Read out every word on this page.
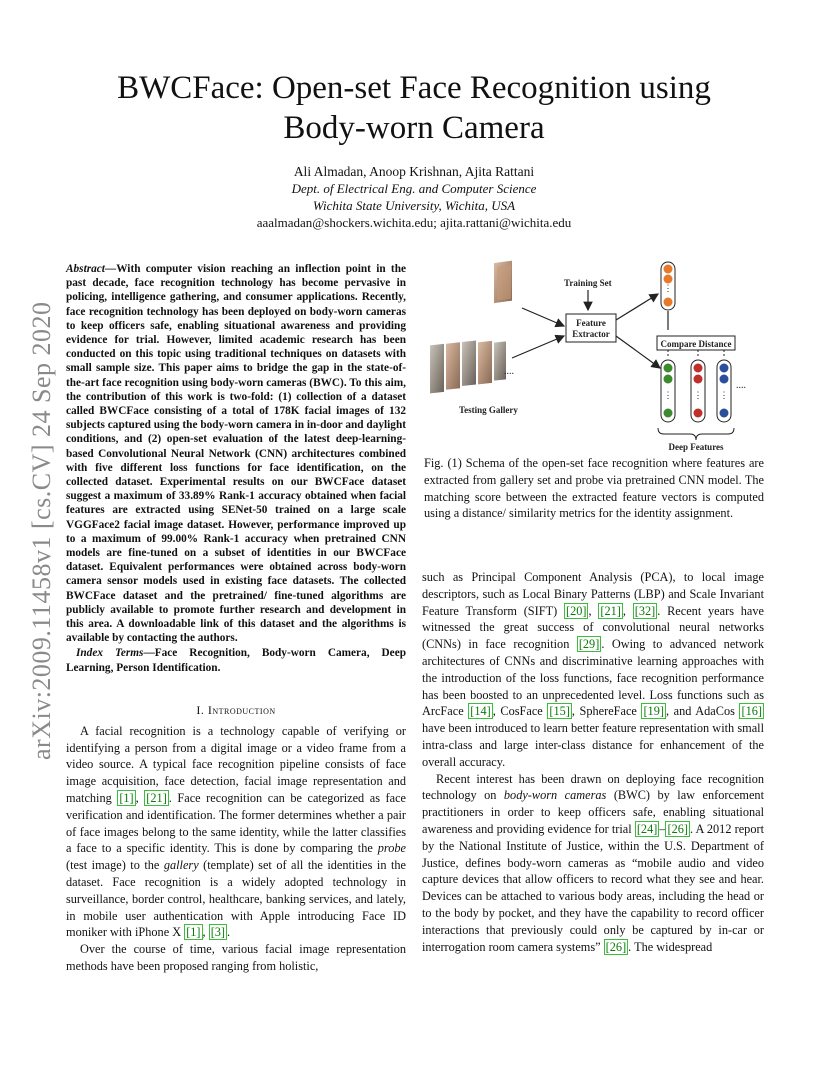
arXiv:2009.11458v1 [cs.CV] 24 Sep 2020
BWCFace: Open-set Face Recognition using
Body-worn Camera
Ali Almadan, Anoop Krishnan, Ajita Rattani
Dept. of Electrical Eng. and Computer Science
Wichita State University, Wichita, USA
aaalmadan@shockers.wichita.edu; ajita.rattani@wichita.edu
Abstract—With computer vision reaching an inflection point in the past decade, face recognition technology has become pervasive in policing, intelligence gathering, and consumer applications. Recently, face recognition technology has been deployed on body-worn cameras to keep officers safe, enabling situational awareness and providing evidence for trial. However, limited academic research has been conducted on this topic using traditional techniques on datasets with small sample size. This paper aims to bridge the gap in the state-of-the-art face recognition using body-worn cameras (BWC). To this aim, the contribution of this work is two-fold: (1) collection of a dataset called BWCFace consisting of a total of 178K facial images of 132 subjects captured using the body-worn camera in in-door and daylight conditions, and (2) open-set evaluation of the latest deep-learning-based Convolutional Neural Network (CNN) architectures combined with five different loss functions for face identification, on the collected dataset. Experimental results on our BWCFace dataset suggest a maximum of 33.89% Rank-1 accuracy obtained when facial features are extracted using SENet-50 trained on a large scale VGGFace2 facial image dataset. However, performance improved up to a maximum of 99.00% Rank-1 accuracy when pretrained CNN models are fine-tuned on a subset of identities in our BWCFace dataset. Equivalent performances were obtained across body-worn camera sensor models used in existing face datasets. The collected BWCFace dataset and the pretrained/ fine-tuned algorithms are publicly available to promote further research and development in this area. A downloadable link of this dataset and the algorithms is available by contacting the authors.
Index Terms—Face Recognition, Body-worn Camera, Deep Learning, Person Identification.
I. Introduction

A facial recognition is a technology capable of verifying or identifying a person from a digital image or a video frame from a video source. A typical face recognition pipeline consists of face image acquisition, face detection, facial image representation and matching [1] , [21] . Face recognition can be categorized as face verification and identification. The former determines whether a pair of face images belong to the same identity, while the latter classifies a face to a specific identity. This is done by comparing the probe (test image) to the gallery (template) set of all the identities in the dataset. Face recognition is a widely adopted technology in surveillance, border control, healthcare, banking services, and lately, in mobile user authentication with Apple introducing Face ID moniker with iPhone X [1] , [3] .

Over the course of time, various facial image representation methods have been proposed ranging from holistic,

....
Testing Gallery
Training Set
Feature
Extractor
⋮
Compare Distance
⋮ ⋮ ⋮
....
Deep Features
Fig. (1) Schema of the open-set face recognition where features are extracted from gallery set and probe via pretrained CNN model. The matching score between the extracted feature vectors is computed using a distance/ similarity metrics for the identity assignment.

such as Principal Component Analysis (PCA), to local image descriptors, such as Local Binary Patterns (LBP) and Scale Invariant Feature Transform (SIFT) [20] , [21] , [32] . Recent years have witnessed the great success of convolutional neural networks (CNNs) in face recognition [29] . Owing to advanced network architectures of CNNs and discriminative learning approaches with the introduction of the loss functions, face recognition performance has been boosted to an unprecedented level. Loss functions such as ArcFace [14] , CosFace [15] , SphereFace [19] , and AdaCos [16] have been introduced to learn better feature representation with small intra-class and large inter-class distance for enhancement of the overall accuracy.

Recent interest has been drawn on deploying face recognition technology on body-worn cameras (BWC) by law enforcement practitioners in order to keep officers safe, enabling situational awareness and providing evidence for trial [24] – [26] . A 2012 report by the National Institute of Justice, within the U.S. Department of Justice, defines body-worn cameras as “mobile audio and video capture devices that allow officers to record what they see and hear. Devices can be attached to various body areas, including the head or to the body by pocket, and they have the capability to record officer interactions that previously could only be captured by in-car or interrogation room camera systems” [26] . The widespread
